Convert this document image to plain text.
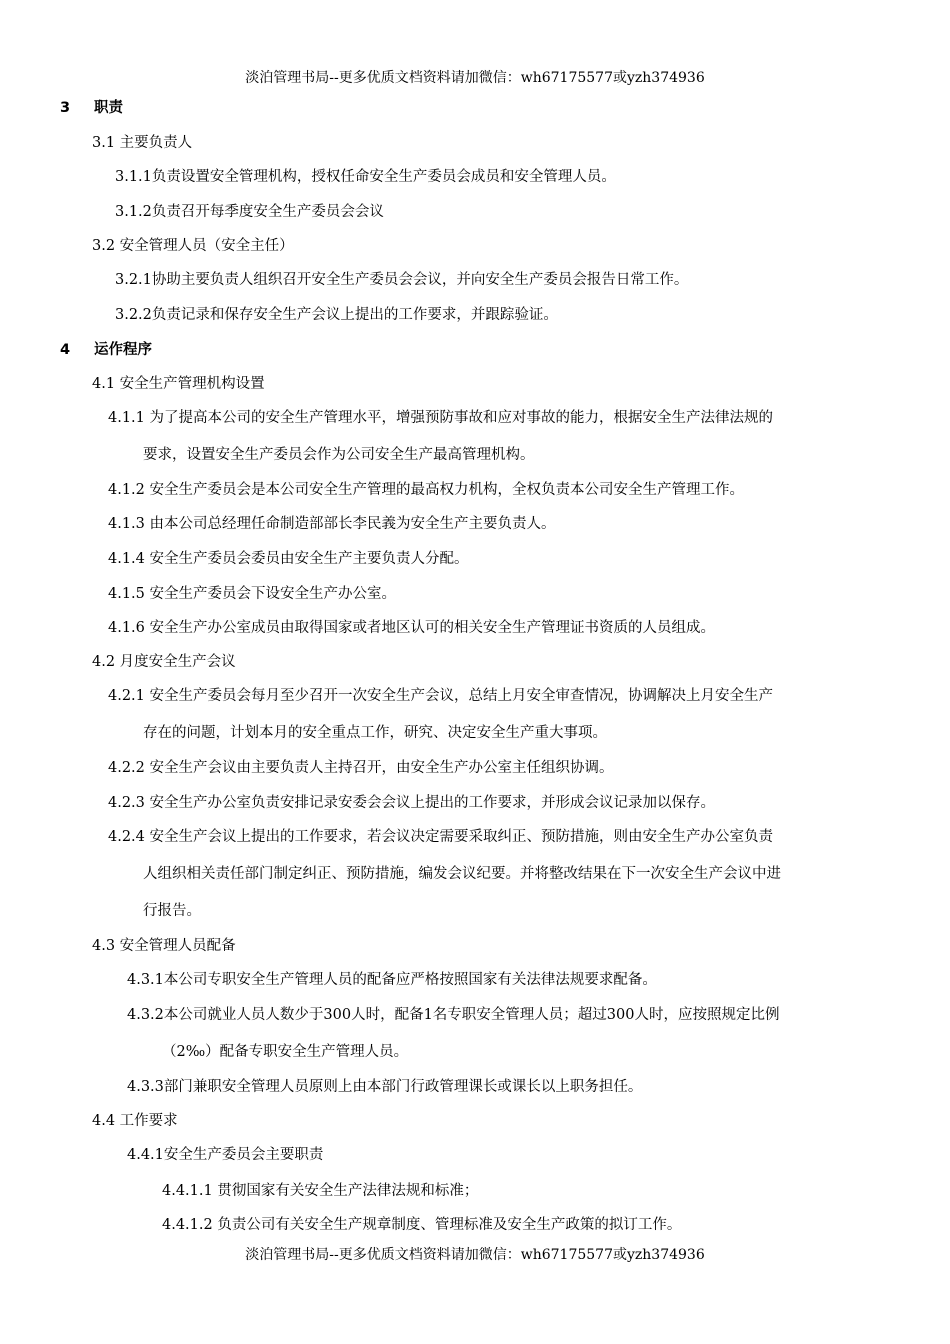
淡泊管理书局--更多优质文档资料请加微信：wh67175577或yzh374936
3 职责
3.1 主要负责人
3.1.1负责设置安全管理机构，授权任命安全生产委员会成员和安全管理人员。
3.1.2负责召开每季度安全生产委员会会议
3.2 安全管理人员（安全主任）
3.2.1协助主要负责人组织召开安全生产委员会会议，并向安全生产委员会报告日常工作。
3.2.2负责记录和保存安全生产会议上提出的工作要求，并跟踪验证。
4 运作程序
4.1 安全生产管理机构设置
4.1.1 为了提高本公司的安全生产管理水平，增强预防事故和应对事故的能力，根据安全生产法律法规的
要求，设置安全生产委员会作为公司安全生产最高管理机构。
4.1.2 安全生产委员会是本公司安全生产管理的最高权力机构，全权负责本公司安全生产管理工作。
4.1.3 由本公司总经理任命制造部部长李民義为安全生产主要负责人。
4.1.4 安全生产委员会委员由安全生产主要负责人分配。
4.1.5 安全生产委员会下设安全生产办公室。
4.1.6 安全生产办公室成员由取得国家或者地区认可的相关安全生产管理证书资质的人员组成。
4.2 月度安全生产会议
4.2.1 安全生产委员会每月至少召开一次安全生产会议，总结上月安全审查情况，协调解决上月安全生产
存在的问题，计划本月的安全重点工作，研究、决定安全生产重大事项。
4.2.2 安全生产会议由主要负责人主持召开，由安全生产办公室主任组织协调。
4.2.3 安全生产办公室负责安排记录安委会会议上提出的工作要求，并形成会议记录加以保存。
4.2.4 安全生产会议上提出的工作要求，若会议决定需要采取纠正、预防措施，则由安全生产办公室负责
人组织相关责任部门制定纠正、预防措施，编发会议纪要。并将整改结果在下一次安全生产会议中进
行报告。
4.3 安全管理人员配备
4.3.1本公司专职安全生产管理人员的配备应严格按照国家有关法律法规要求配备。
4.3.2本公司就业人员人数少于300人时，配备1名专职安全管理人员；超过300人时，应按照规定比例
（2‰）配备专职安全生产管理人员。
4.3.3部门兼职安全管理人员原则上由本部门行政管理课长或课长以上职务担任。
4.4 工作要求
4.4.1安全生产委员会主要职责
4.4.1.1 贯彻国家有关安全生产法律法规和标准；
4.4.1.2 负责公司有关安全生产规章制度、管理标准及安全生产政策的拟订工作。
淡泊管理书局--更多优质文档资料请加微信：wh67175577或yzh374936
